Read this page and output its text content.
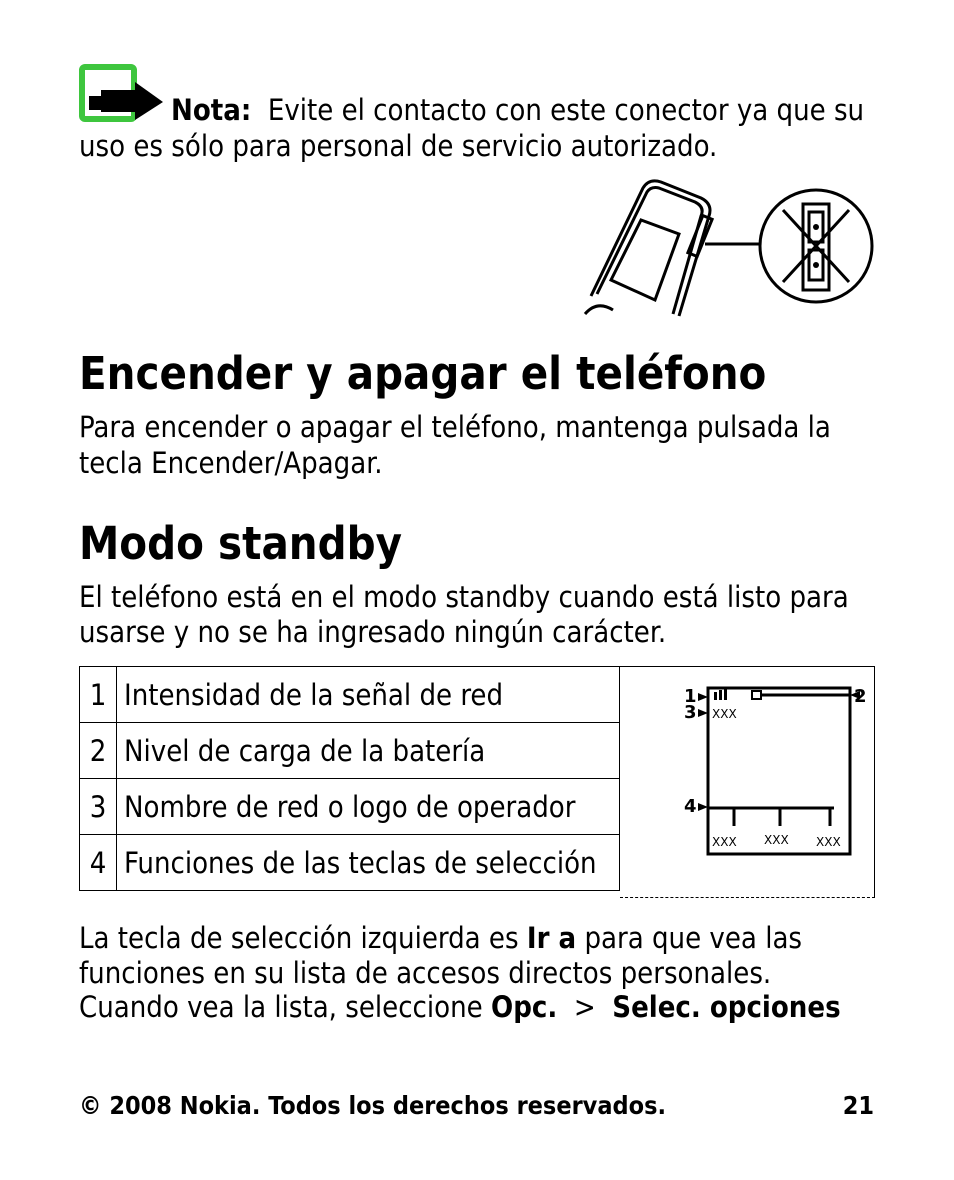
Nota: Evite el contacto con este conector ya que su
uso es sólo para personal de servicio autorizado.
Encender y apagar el teléfono
Para encender o apagar el teléfono, mantenga pulsada la
tecla Encender/Apagar.
Modo standby
El teléfono está en el modo standby cuando está listo para
usarse y no se ha ingresado ningún carácter.
1	Intensidad de la señal de red
2	Nivel de carga de la batería
3	Nombre de red o logo de operador
4	Funciones de las teclas de selección
1	2
3
4
XXX
XXX XXX XXX
La tecla de selección izquierda es Ir a para que vea las
funciones en su lista de accesos directos personales.
Cuando vea la lista, seleccione Opc. > Selec. opciones
© 2008 Nokia. Todos los derechos reservados.	21
